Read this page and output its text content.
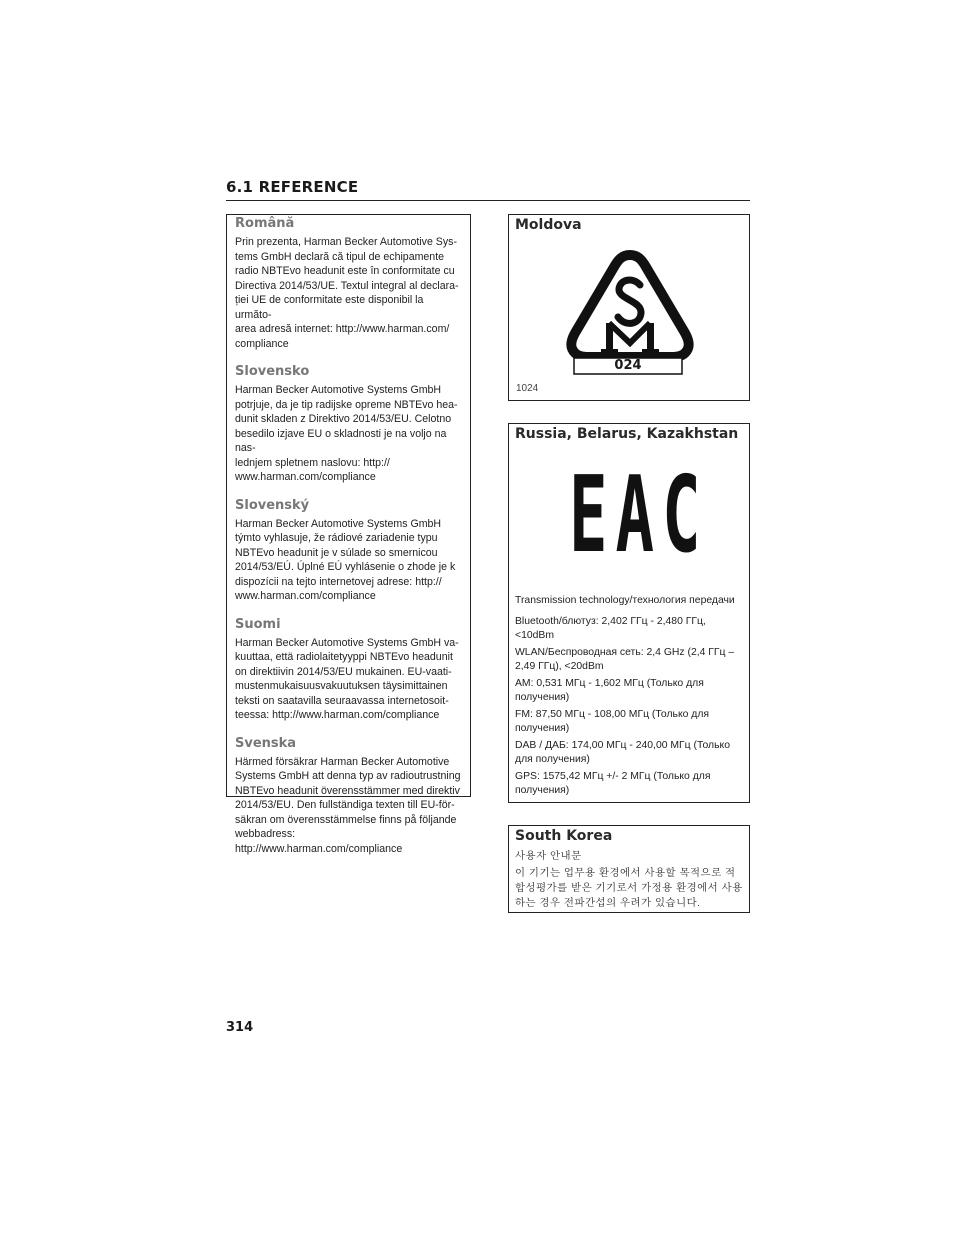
6.1 REFERENCE
Română

Prin prezenta, Harman Becker Automotive Sys-
tems GmbH declară că tipul de echipamente
radio NBTEvo headunit este în conformitate cu
Directiva 2014/53/UE. Textul integral al declara-
ției UE de conformitate este disponibil la următo-
area adresă internet: http://www.harman.com/
compliance

Slovensko

Harman Becker Automotive Systems GmbH
potrjuje, da je tip radijske opreme NBTEvo hea-
dunit skladen z Direktivo 2014/53/EU. Celotno
besedilo izjave EU o skladnosti je na voljo na nas-
lednjem spletnem naslovu: http://
www.harman.com/compliance

Slovenský

Harman Becker Automotive Systems GmbH
týmto vyhlasuje, že rádiové zariadenie typu
NBTEvo headunit je v súlade so smernicou
2014/53/EÚ. Úplné EÚ vyhlásenie o zhode je k
dispozícii na tejto internetovej adrese: http://
www.harman.com/compliance

Suomi

Harman Becker Automotive Systems GmbH va-
kuuttaa, että radiolaitetyyppi NBTEvo headunit
on direktiivin 2014/53/EU mukainen. EU-vaati-
mustenmukaisuusvakuutuksen täysimittainen
teksti on saatavilla seuraavassa internetosoit-
teessa: http://www.harman.com/compliance

Svenska

Härmed försäkrar Harman Becker Automotive
Systems GmbH att denna typ av radioutrustning
NBTEvo headunit överensstämmer med direktiv
2014/53/EU. Den fullständiga texten till EU-för-
säkran om överensstämmelse finns på följande
webbadress: http://www.harman.com/compliance

Moldova
024
1024
Russia, Belarus, Kazakhstan
EAC
Transmission technology/технология передачи
Bluetooth/блютуз: 2,402 ГГц - 2,480 ГГц,
<10dBm
WLAN/Беспроводная сеть: 2,4 GHz (2,4 ГГц –
2,49 ГГц), <20dBm
AM: 0,531 МГц - 1,602 МГц (Только для
получения)
FM: 87,50 МГц - 108,00 МГц (Только для
получения)
DAB / ДАБ: 174,00 МГц - 240,00 МГц (Только
для получения)
GPS: 1575,42 МГц +/- 2 МГц (Только для
получения)
South Korea
사용자 안내문
이 기기는 업무용 환경에서 사용할 목적으로 적
합성평가를 받은 기기로서 가정용 환경에서 사용
하는 경우 전파간섭의 우려가 있습니다.
314
